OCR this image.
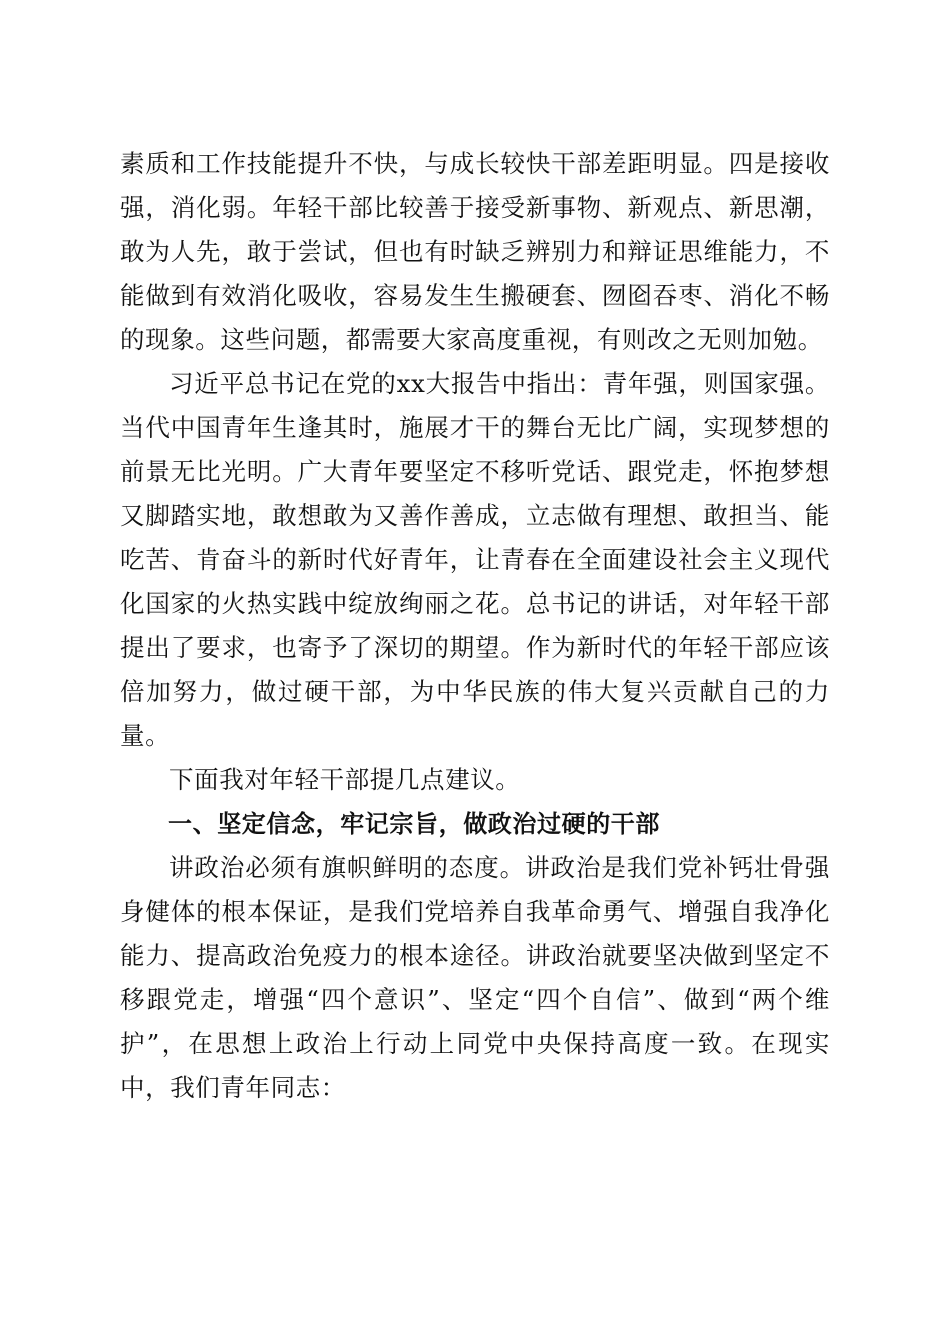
素质和工作技能提升不快，与成长较快干部差距明显。四是接收强，消化弱。年轻干部比较善于接受新事物、新观点、新思潮，敢为人先，敢于尝试，但也有时缺乏辨别力和辩证思维能力，不能做到有效消化吸收，容易发生生搬硬套、囫囵吞枣、消化不畅的现象。这些问题，都需要大家高度重视，有则改之无则加勉。

习近平总书记在党的xx大报告中指出：青年强，则国家强。当代中国青年生逢其时，施展才干的舞台无比广阔，实现梦想的前景无比光明。广大青年要坚定不移听党话、跟党走，怀抱梦想又脚踏实地，敢想敢为又善作善成，立志做有理想、敢担当、能吃苦、肯奋斗的新时代好青年，让青春在全面建设社会主义现代化国家的火热实践中绽放绚丽之花。总书记的讲话，对年轻干部提出了要求，也寄予了深切的期望。作为新时代的年轻干部应该倍加努力，做过硬干部，为中华民族的伟大复兴贡献自己的力量。

下面我对年轻干部提几点建议。

一、坚定信念，牢记宗旨，做政治过硬的干部

讲政治必须有旗帜鲜明的态度。讲政治是我们党补钙壮骨强身健体的根本保证，是我们党培养自我革命勇气、增强自我净化能力、提高政治免疫力的根本途径。讲政治就要坚决做到坚定不移跟党走，增强“四个意识”、坚定“四个自信”、做到“两个维护”，在思想上政治上行动上同党中央保持高度一致。在现实中，我们青年同志：
